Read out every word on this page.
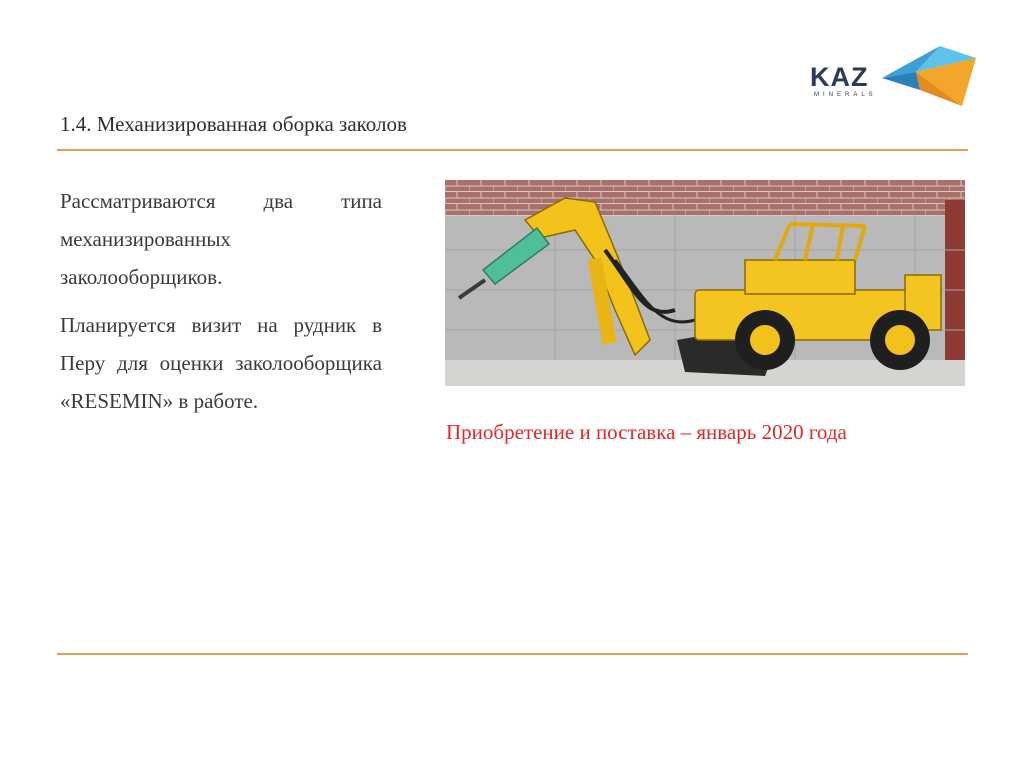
KAZ
MINERALS
1.4. Механизированная оборка заколов

Рассматриваются два типа механизированных заколооборщиков.

Планируется визит на рудник в Перу для оценки заколооборщика «RESEMIN» в работе.

Приобретение и поставка – январь 2020 года
